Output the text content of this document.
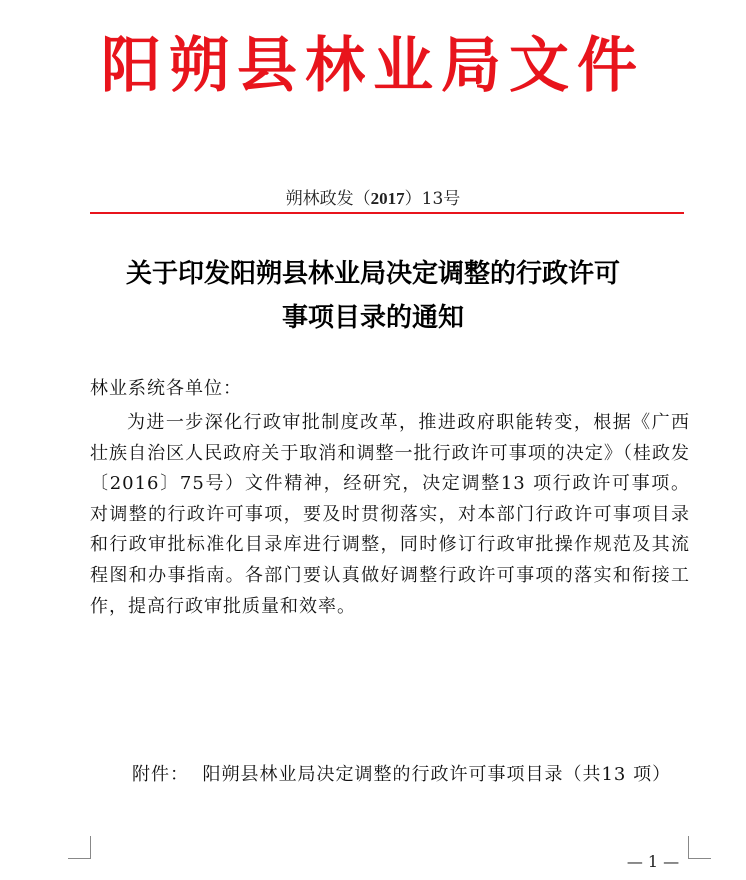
阳朔县林业局文件
朔林政发（2017）13号
关于印发阳朔县林业局决定调整的行政许可
事项目录的通知
林业系统各单位：
为进一步深化行政审批制度改革，推进政府职能转变，根据《广西壮族自治区人民政府关于取消和调整一批行政许可事项的决定》（桂政发〔2016〕75号）文件精神，经研究，决定调整13 项行政许可事项。对调整的行政许可事项，要及时贯彻落实，对本部门行政许可事项目录和行政审批标准化目录库进行调整，同时修订行政审批操作规范及其流程图和办事指南。各部门要认真做好调整行政许可事项的落实和衔接工作，提高行政审批质量和效率。
附件： 阳朔县林业局决定调整的行政许可事项目录（共13 项）
— 1 —
